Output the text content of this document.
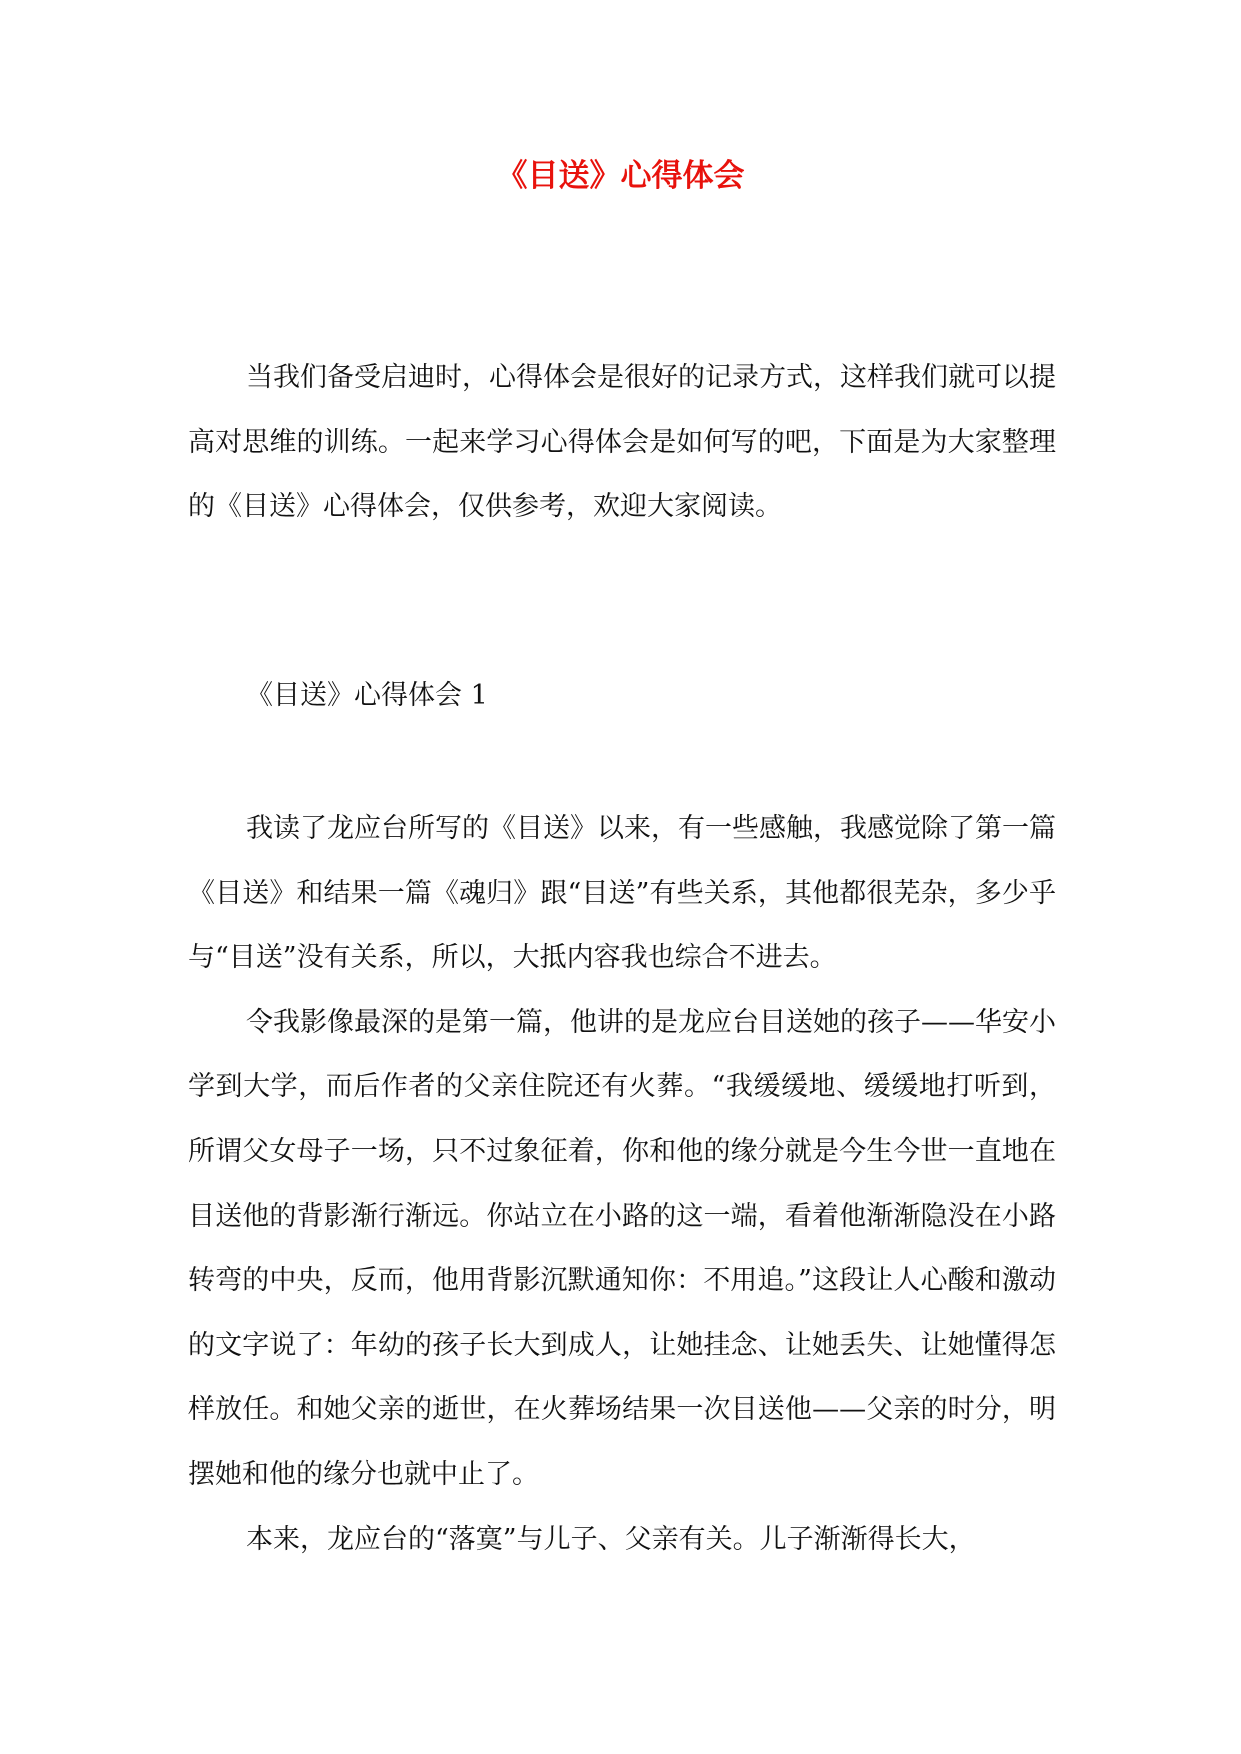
《目送》心得体会

当我们备受启迪时，心得体会是很好的记录方式，这样我们就可以提高对思维的训练。一起来学习心得体会是如何写的吧，下面是为大家整理的《目送》心得体会，仅供参考，欢迎大家阅读。

《目送》心得体会 1

我读了龙应台所写的《目送》以来，有一些感触，我感觉除了第一篇《目送》和结果一篇《魂归》跟“目送”有些关系，其他都很芜杂，多少乎与“目送”没有关系，所以，大抵内容我也综合不进去。

令我影像最深的是第一篇，他讲的是龙应台目送她的孩子——华安小学到大学，而后作者的父亲住院还有火葬。“我缓缓地、缓缓地打听到，所谓父女母子一场，只不过象征着，你和他的缘分就是今生今世一直地在目送他的背影渐行渐远。你站立在小路的这一端，看着他渐渐隐没在小路转弯的中央，反而，他用背影沉默通知你：不用追。”这段让人心酸和激动的文字说了：年幼的孩子长大到成人，让她挂念、让她丢失、让她懂得怎样放任。和她父亲的逝世，在火葬场结果一次目送他——父亲的时分，明摆她和他的缘分也就中止了。

本来，龙应台的“落寞”与儿子、父亲有关。儿子渐渐得长大，
